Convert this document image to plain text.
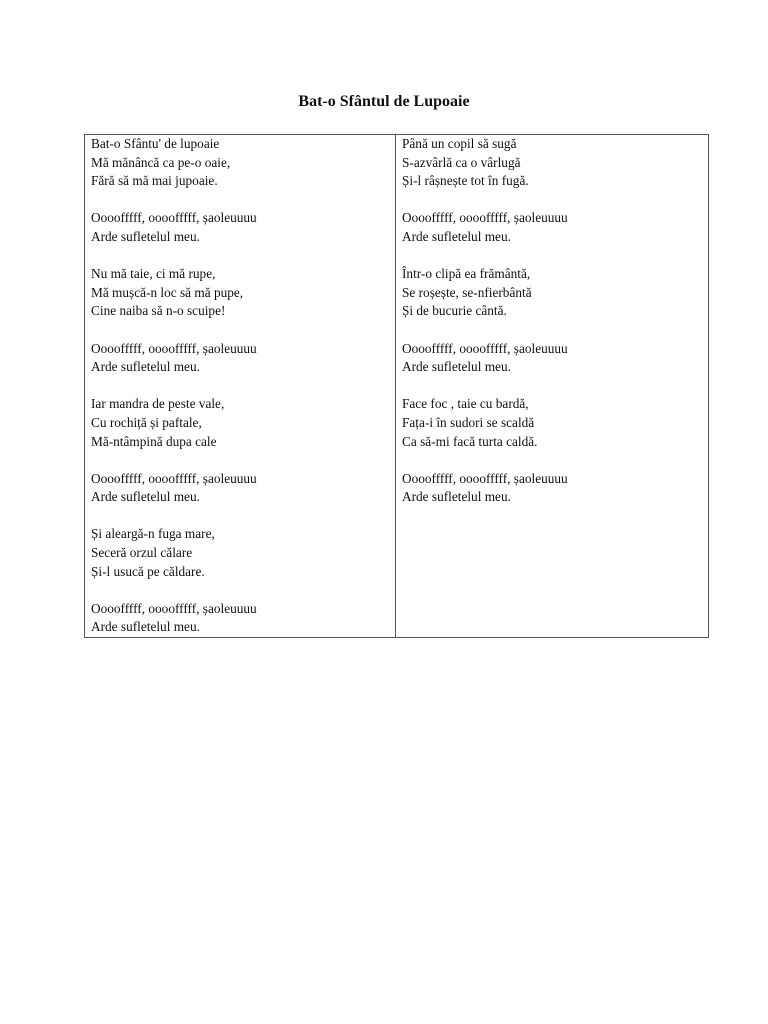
Bat-o Sfântul de Lupoaie

Bat-o Sfântu' de lupoaie
Mă mănâncă ca pe-o oaie,
Fără să mă mai jupoaie.

Oooofffff, oooofffff, șaoleuuuu
Arde sufletelul meu.

Nu mă taie, ci mă rupe,
Mă mușcă-n loc să mă pupe,
Cine naiba să n-o scuipe!

Oooofffff, oooofffff, șaoleuuuu
Arde sufletelul meu.

Iar mandra de peste vale,
Cu rochiță și paftale,
Mă-ntâmpină dupa cale

Oooofffff, oooofffff, șaoleuuuu
Arde sufletelul meu.

Și aleargă-n fuga mare,
Seceră orzul călare
Și-l usucă pe căldare.

Oooofffff, oooofffff, șaoleuuuu
Arde sufletelul meu.

Până un copil să sugă
S-azvârlă ca o vârlugă
Și-l râșnește tot în fugă.

Oooofffff, oooofffff, șaoleuuuu
Arde sufletelul meu.

Într-o clipă ea frământă,
Se roșește, se-nfierbântă
Și de bucurie cântă.

Oooofffff, oooofffff, șaoleuuuu
Arde sufletelul meu.

Face foc , taie cu bardă,
Fața-i în sudori se scaldă
Ca să-mi facă turta caldă.

Oooofffff, oooofffff, șaoleuuuu
Arde sufletelul meu.
